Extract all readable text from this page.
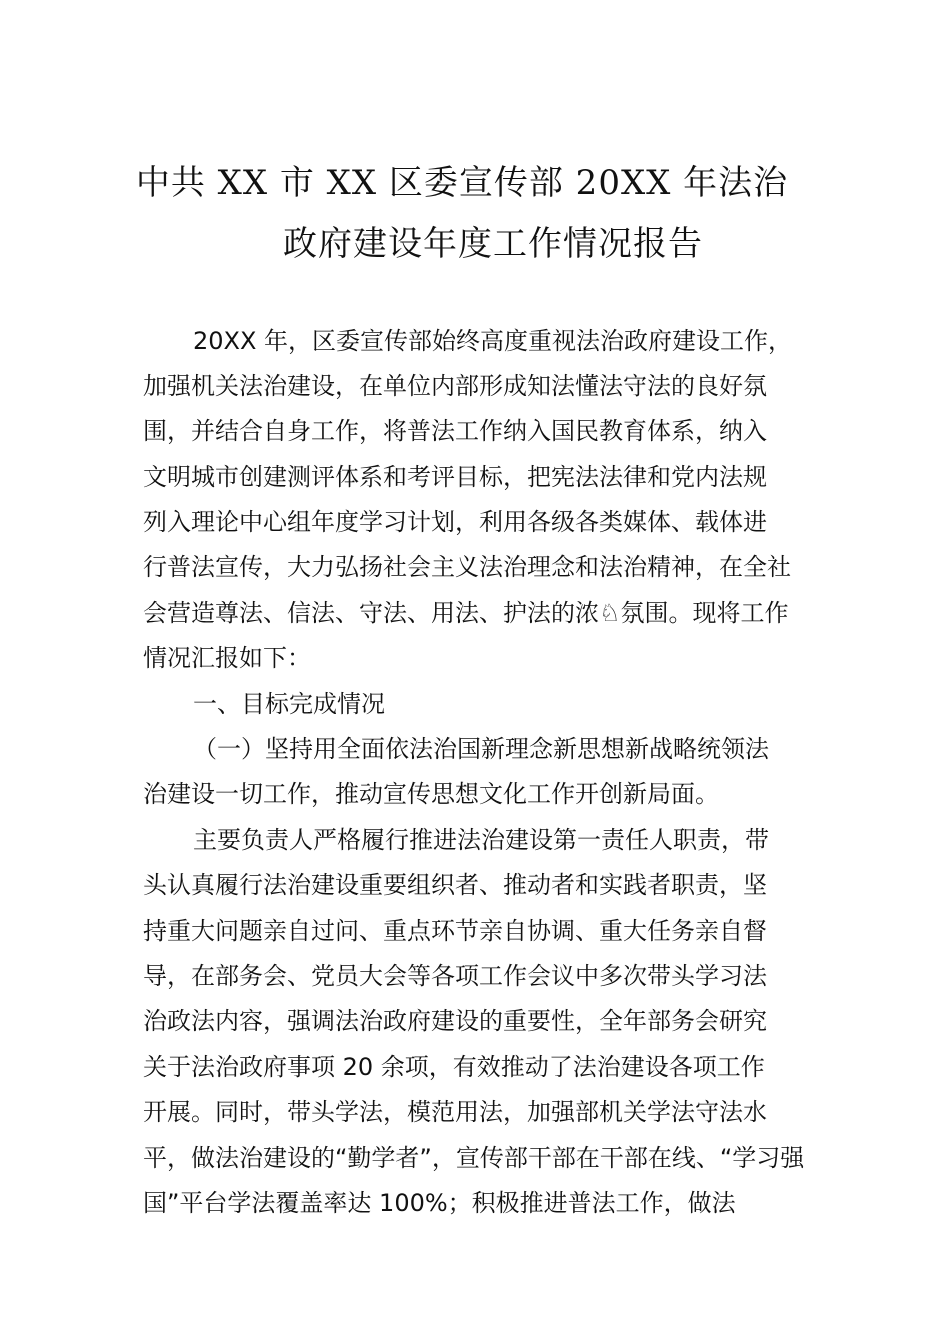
中共 XX 市 XX 区委宣传部 20XX 年法治
政府建设年度工作情况报告
20XX 年，区委宣传部始终高度重视法治政府建设工作，
加强机关法治建设，在单位内部形成知法懂法守法的良好氛
围，并结合自身工作，将普法工作纳入国民教育体系，纳入
文明城市创建测评体系和考评目标，把宪法法律和党内法规
列入理论中心组年度学习计划，利用各级各类媒体、载体进
行普法宣传，大力弘扬社会主义法治理念和法治精神，在全社
会营造尊法、信法、守法、用法、护法的浓♘氛围。现将工作
情况汇报如下：
一、目标完成情况
（一）坚持用全面依法治国新理念新思想新战略统领法
治建设一切工作，推动宣传思想文化工作开创新局面。
主要负责人严格履行推进法治建设第一责任人职责，带
头认真履行法治建设重要组织者、推动者和实践者职责，坚
持重大问题亲自过问、重点环节亲自协调、重大任务亲自督
导，在部务会、党员大会等各项工作会议中多次带头学习法
治政法内容，强调法治政府建设的重要性，全年部务会研究
关于法治政府事项 20 余项，有效推动了法治建设各项工作
开展。同时，带头学法，模范用法，加强部机关学法守法水
平，做法治建设的“勤学者”，宣传部干部在干部在线、“学习强
国”平台学法覆盖率达 100%；积极推进普法工作，做法
